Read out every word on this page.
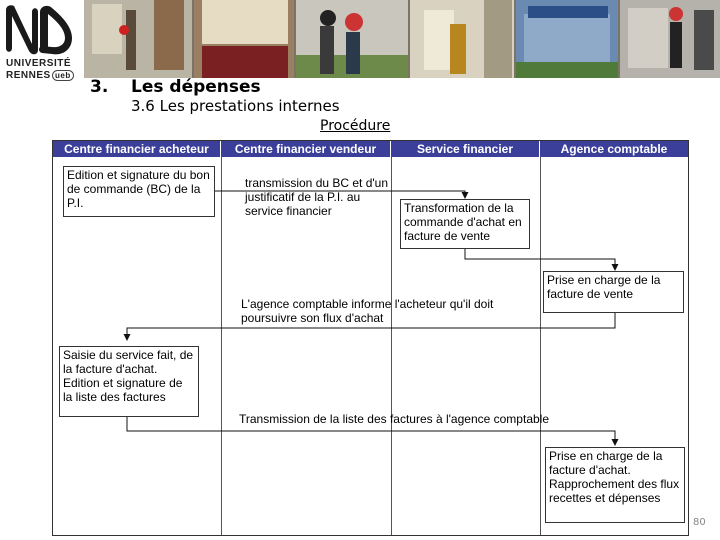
UNIVERSITÉ
RENNES ueb
3. Les dépenses
3.6 Les prestations internes
Procédure
Centre financier acheteur	Centre financier vendeur	Service financier	Agence comptable
Edition et signature du bon de commande (BC) de la P.I.
transmission du BC et d'un justificatif de la P.I. au service financier	Transformation de la commande d'achat en facture de vente
Prise en charge de la facture de vente
L'agence comptable informe l'acheteur qu'il doit poursuivre son flux d'achat
Saisie du service fait, de la facture d'achat. Edition et signature de la liste des factures
Transmission de la liste des factures à l'agence comptable
Prise en charge de la facture d'achat. Rapprochement des flux recettes et dépenses
80
